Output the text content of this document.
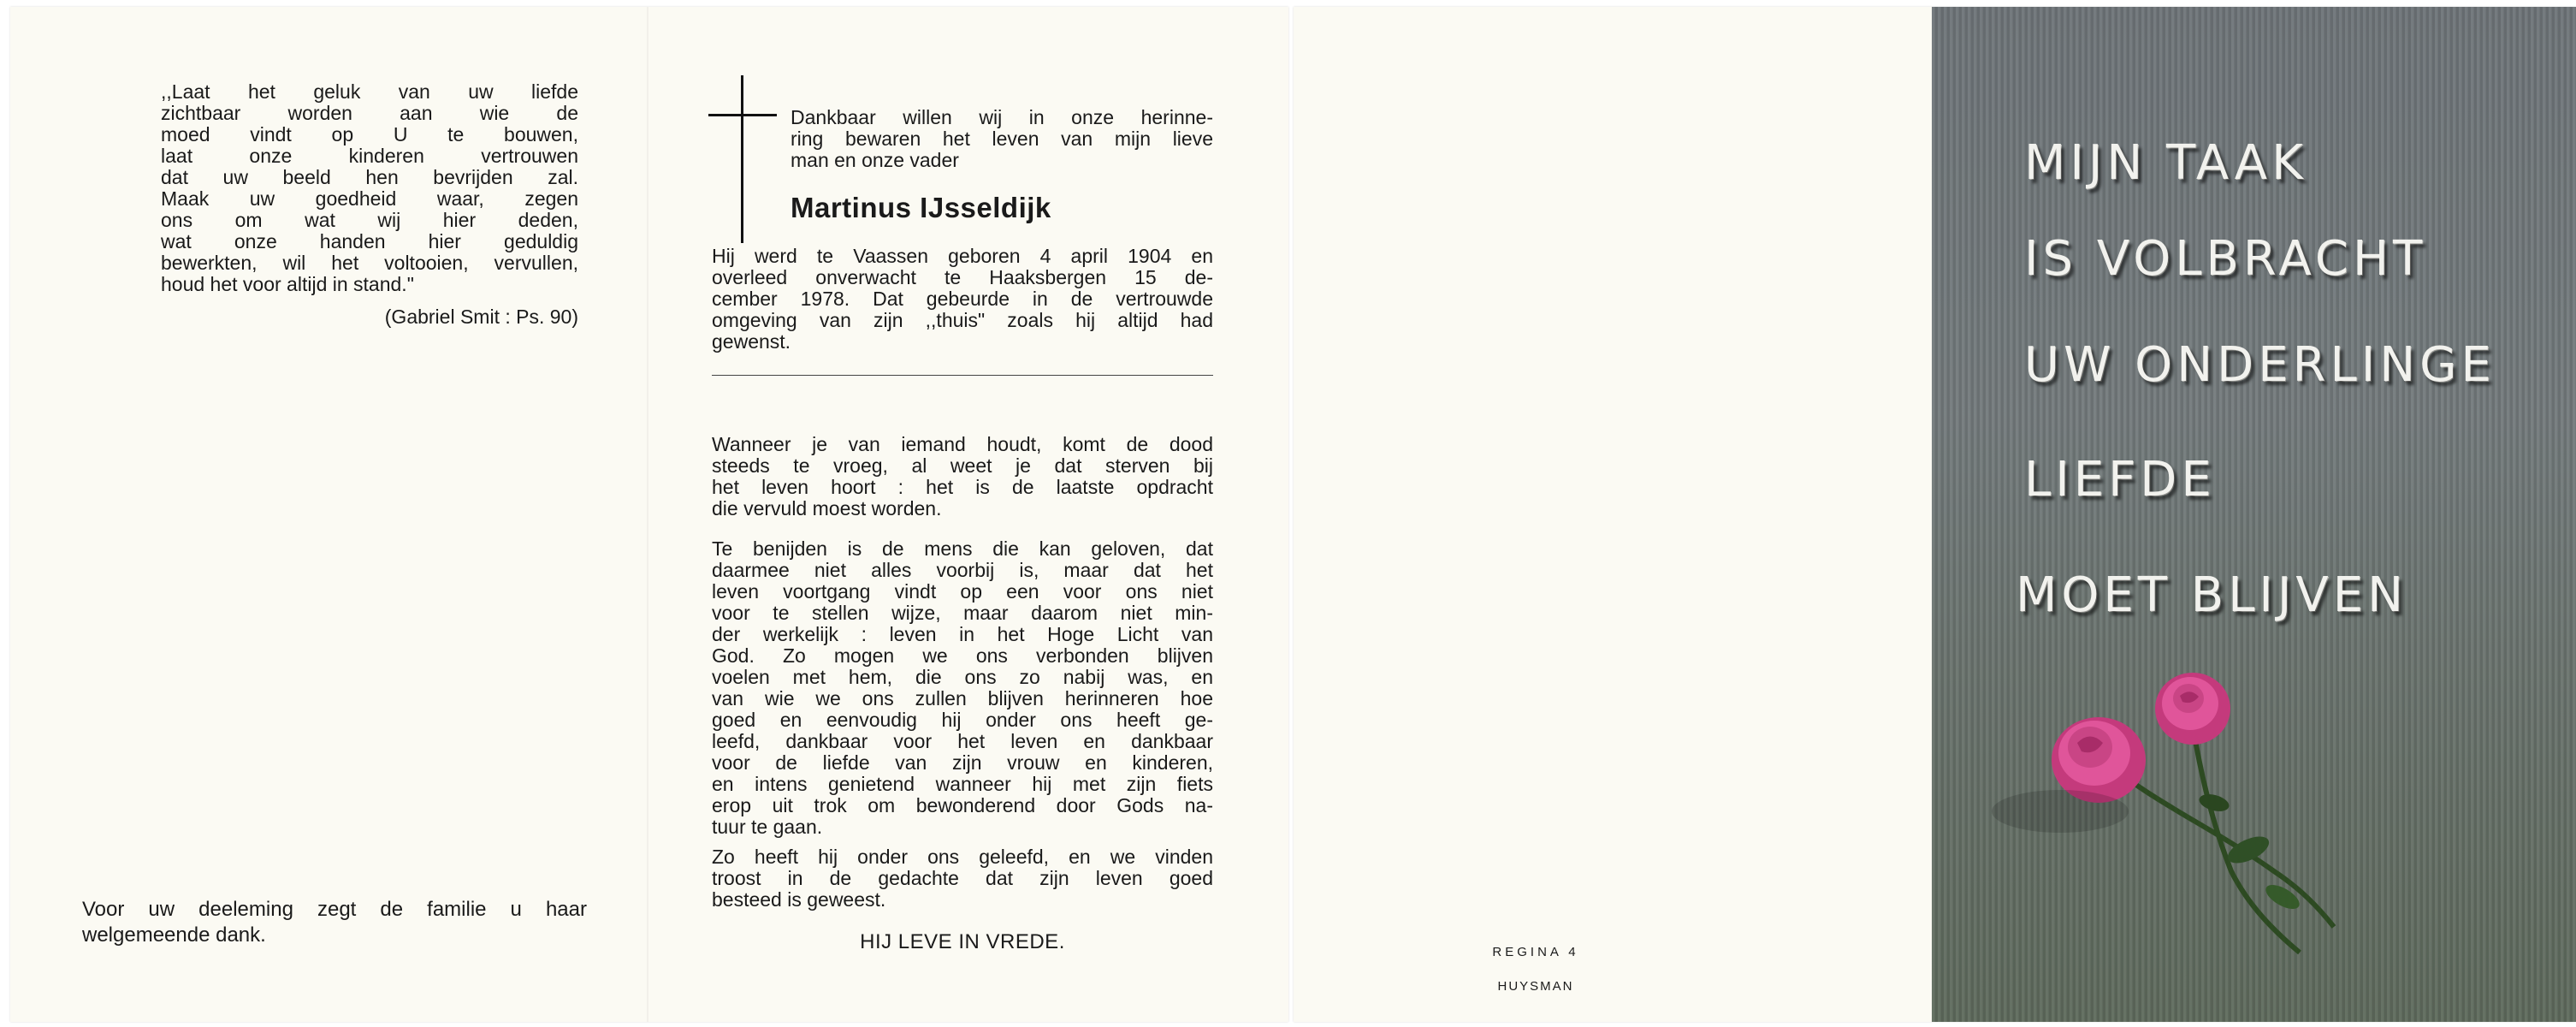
,,Laat het geluk van uw liefde
zichtbaar worden aan wie de
moed vindt op U te bouwen,
laat onze kinderen vertrouwen
dat uw beeld hen bevrijden zal.
Maak uw goedheid waar, zegen
ons om wat wij hier deden,
wat onze handen hier geduldig
bewerkten, wil het voltooien, vervullen,
houd het voor altijd in stand."
(Gabriel Smit : Ps. 90)
Voor uw deeleming zegt de familie u haar
welgemeende dank.
Dankbaar willen wij in onze herinne-
ring bewaren het leven van mijn lieve
man en onze vader
Martinus IJsseldijk
Hij werd te Vaassen geboren 4 april 1904 en
overleed onverwacht te Haaksbergen 15 de-
cember 1978. Dat gebeurde in de vertrouwde
omgeving van zijn ,,thuis" zoals hij altijd had
gewenst.
Wanneer je van iemand houdt, komt de dood
steeds te vroeg, al weet je dat sterven bij
het leven hoort : het is de laatste opdracht
die vervuld moest worden.
Te benijden is de mens die kan geloven, dat
daarmee niet alles voorbij is, maar dat het
leven voortgang vindt op een voor ons niet
voor te stellen wijze, maar daarom niet min-
der werkelijk : leven in het Hoge Licht van
God. Zo mogen we ons verbonden blijven
voelen met hem, die ons zo nabij was, en
van wie we ons zullen blijven herinneren hoe
goed en eenvoudig hij onder ons heeft ge-
leefd, dankbaar voor het leven en dankbaar
voor de liefde van zijn vrouw en kinderen,
en intens genietend wanneer hij met zijn fiets
erop uit trok om bewonderend door Gods na-
tuur te gaan.
Zo heeft hij onder ons geleefd, en we vinden
troost in de gedachte dat zijn leven goed
besteed is geweest.
HIJ LEVE IN VREDE.	REGINA 4
HUYSMAN
MIJN TAAK
IS VOLBRACHT
UW ONDERLINGE
LIEFDE
MOET BLIJVEN
